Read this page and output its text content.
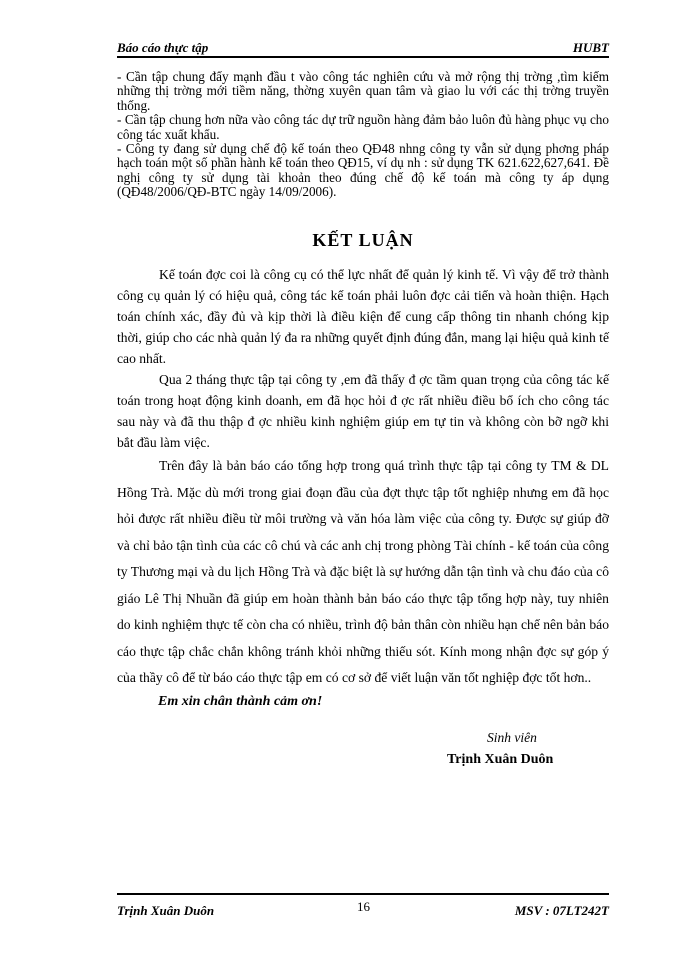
Báo cáo thực tập	HUBT

- Cần tập chung đẩy mạnh đầu t vào công tác nghiên cứu và mở rộng thị trờng ,tìm kiếm những thị trờng mới tiềm năng, thờng xuyên quan tâm và giao lu với các thị trờng truyền thống.

- Cần tập chung hơn nữa vào công tác dự trữ nguồn hàng đảm bảo luôn đủ hàng phục vụ cho công tác xuất khẩu.

- Công ty đang sử dụng chế độ kế toán theo QĐ48 nhng công ty vẫn sử dụng phơng pháp hạch toán một số phần hành kế toán theo QĐ15, ví dụ nh : sử dụng TK 621.622,627,641. Đề nghị công ty sử dụng tài khoản theo đúng chế độ kế toán mà công ty áp dụng (QĐ48/2006/QĐ-BTC ngày 14/09/2006).

KẾT LUẬN

Kế toán đợc coi là công cụ có thể lực nhất để quản lý kinh tế. Vì vậy để trở thành công cụ quản lý có hiệu quả, công tác kế toán phải luôn đợc cải tiến và hoàn thiện. Hạch toán chính xác, đầy đủ và kịp thời là điều kiện để cung cấp thông tin nhanh chóng kịp thời, giúp cho các nhà quản lý đa ra những quyết định đúng đắn, mang lại hiệu quả kinh tế cao nhất.

Qua 2 tháng thực tập tại công ty ,em đã thấy đ ợc tầm quan trọng của công tác kế toán trong hoạt động kinh doanh, em đã học hỏi đ ợc rất nhiều điều bổ ích cho công tác sau này và đã thu thập đ ợc nhiều kinh nghiệm giúp em tự tin và không còn bỡ ngỡ khi bắt đầu làm việc.

Trên đây là bản báo cáo tổng hợp trong quá trình thực tập tại công ty TM & DL Hồng Trà. Mặc dù mới trong giai đoạn đầu của đợt thực tập tốt nghiệp nhưng em đã học hỏi được rất nhiều điều từ môi trường và văn hóa làm việc của công ty. Được sự giúp đỡ và chỉ bảo tận tình của các cô chú và các anh chị trong phòng Tài chính - kế toán của công ty Thương mại và du lịch Hồng Trà và đặc biệt là sự hướng dẫn tận tình và chu đáo của cô giáo Lê Thị Nhuần đã giúp em hoàn thành bản báo cáo thực tập tổng hợp này, tuy nhiên do kinh nghiệm thực tế còn cha có nhiều, trình độ bản thân còn nhiều hạn chế nên bản báo cáo thực tập chắc chắn không tránh khỏi những thiếu sót. Kính mong nhận đợc sự góp ý của thầy cô để từ báo cáo thực tập em có cơ sở để viết luận văn tốt nghiệp đợc tốt hơn..

Em xin chân thành cảm ơn!
Sinh viên
Trịnh Xuân Duôn
Trịnh Xuân Duôn	16	MSV : 07LT242T
